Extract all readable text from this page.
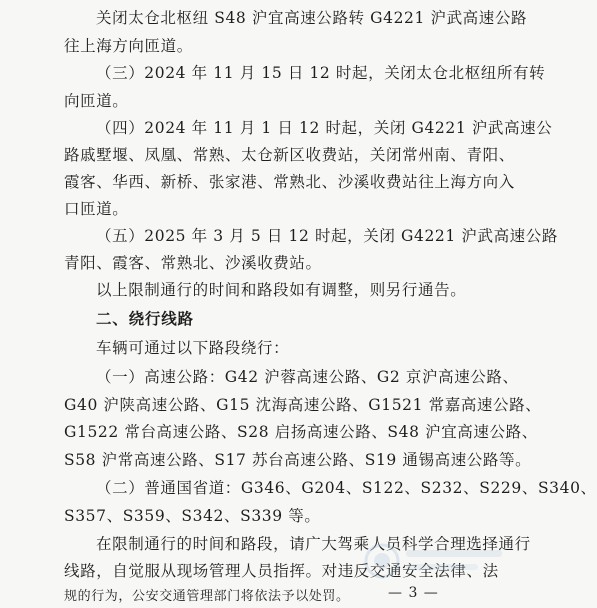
关闭太仓北枢纽 S48 沪宜高速公路转 G4221 沪武高速公路
往上海方向匝道。
（三）2024 年 11 月 15 日 12 时起，关闭太仓北枢纽所有转
向匝道。
（四）2024 年 11 月 1 日 12 时起，关闭 G4221 沪武高速公
路戚墅堰、凤凰、常熟、太仓新区收费站，关闭常州南、青阳、
霞客、华西、新桥、张家港、常熟北、沙溪收费站往上海方向入
口匝道。
（五）2025 年 3 月 5 日 12 时起，关闭 G4221 沪武高速公路
青阳、霞客、常熟北、沙溪收费站。
以上限制通行的时间和路段如有调整，则另行通告。
二、绕行线路
车辆可通过以下路段绕行：
（一）高速公路：G42 沪蓉高速公路、G2 京沪高速公路、
G40 沪陕高速公路、G15 沈海高速公路、G1521 常嘉高速公路、
G1522 常台高速公路、S28 启扬高速公路、S48 沪宜高速公路、
S58 沪常高速公路、S17 苏台高速公路、S19 通锡高速公路等。
（二）普通国省道：G346、G204、S122、S232、S229、S340、
S357、S359、S342、S339 等。
在限制通行的时间和路段，请广大驾乘人员科学合理选择通行
线路，自觉服从现场管理人员指挥。对违反交通安全法律、法
规的行为，公安交通管理部门将依法予以处罚。	— 3 —
